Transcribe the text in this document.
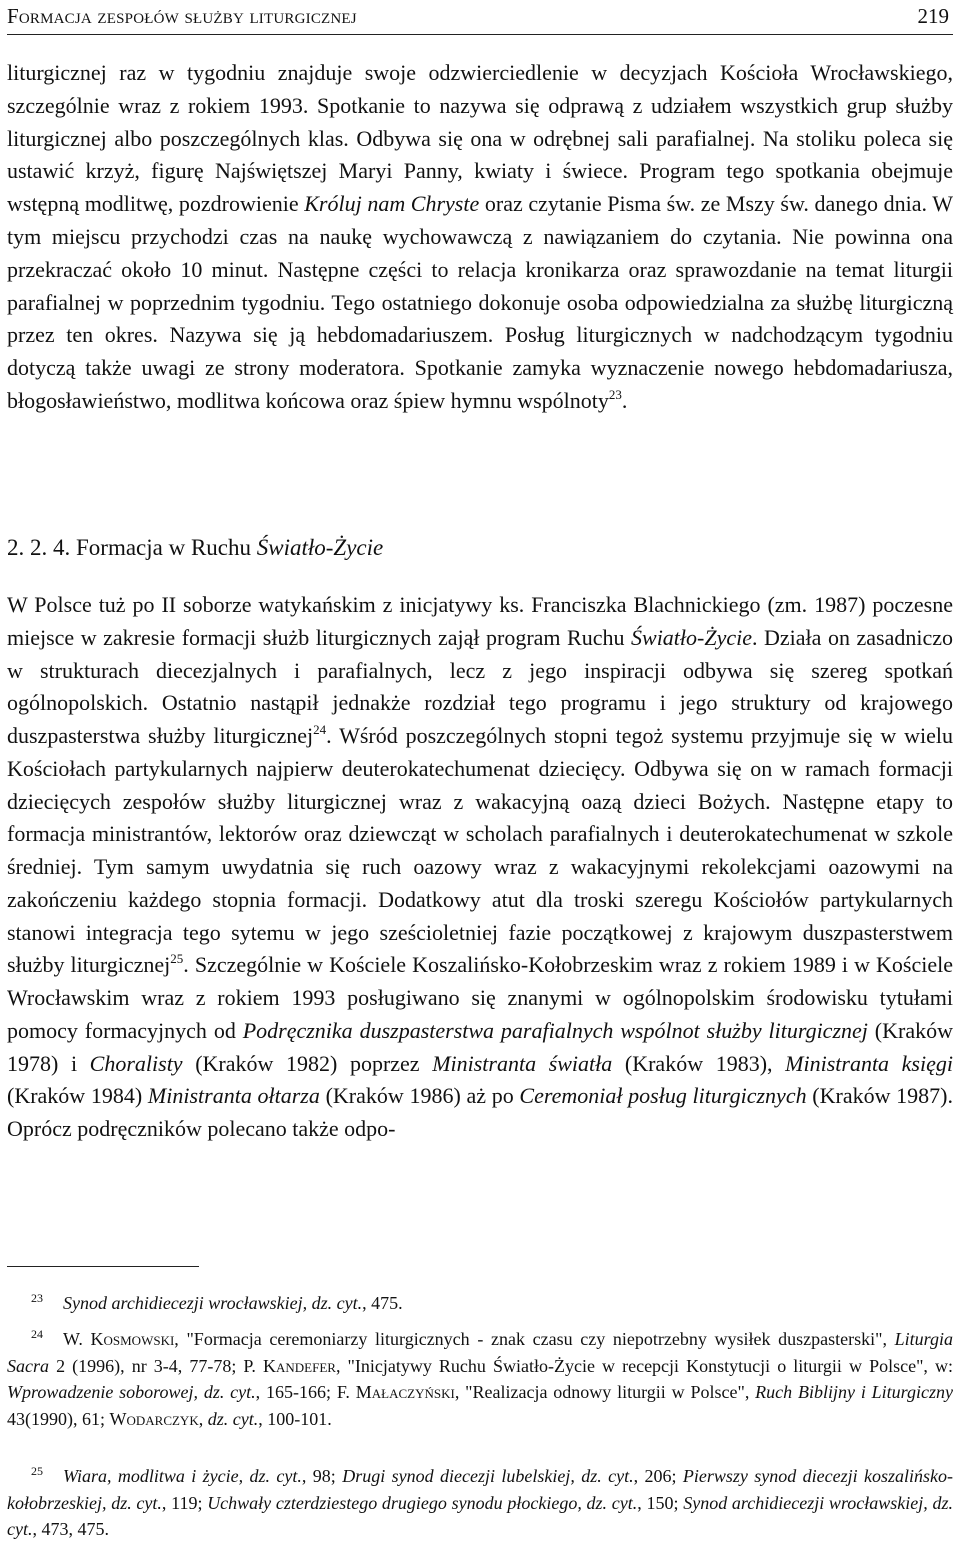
Formacja zespołów służby liturgicznej	219

liturgicznej raz w tygodniu znajduje swoje odzwierciedlenie w decyzjach Kościoła Wrocławskiego, szczególnie wraz z rokiem 1993. Spotkanie to nazywa się odprawą z udziałem wszystkich grup służby liturgicznej albo poszczególnych klas. Odbywa się ona w odrębnej sali parafialnej. Na stoliku poleca się ustawić krzyż, figurę Najświętszej Maryi Panny, kwiaty i świece. Program tego spotkania obejmuje wstępną modlitwę, pozdrowienie Króluj nam Chryste oraz czytanie Pisma św. ze Mszy św. danego dnia. W tym miejscu przychodzi czas na naukę wychowawczą z nawiązaniem do czytania. Nie powinna ona przekraczać około 10 minut. Następne części to relacja kronikarza oraz sprawozdanie na temat liturgii parafialnej w poprzednim tygodniu. Tego ostatniego dokonuje osoba odpowiedzialna za służbę liturgiczną przez ten okres. Nazywa się ją hebdomadariuszem. Posług liturgicznych w nadchodzącym tygodniu dotyczą także uwagi ze strony moderatora. Spotkanie zamyka wyznaczenie nowego hebdomadariusza, błogosławieństwo, modlitwa końcowa oraz śpiew hymnu wspólnoty$^{23}$.

2. 2. 4. Formacja w Ruchu Światło-Życie

W Polsce tuż po II soborze watykańskim z inicjatywy ks. Franciszka Blachnickiego (zm. 1987) poczesne miejsce w zakresie formacji służb liturgicznych zajął program Ruchu Światło-Życie. Działa on zasadniczo w strukturach diecezjalnych i parafialnych, lecz z jego inspiracji odbywa się szereg spotkań ogólnopolskich. Ostatnio nastąpił jednakże rozdział tego programu i jego struktury od krajowego duszpasterstwa służby liturgicznej$^{24}$. Wśród poszczególnych stopni tegoż systemu przyjmuje się w wielu Kościołach partykularnych najpierw deuterokatechumenat dziecięcy. Odbywa się on w ramach formacji dziecięcych zespołów służby liturgicznej wraz z wakacyjną oazą dzieci Bożych. Następne etapy to formacja ministrantów, lektorów oraz dziewcząt w scholach parafialnych i deuterokatechumenat w szkole średniej. Tym samym uwydatnia się ruch oazowy wraz z wakacyjnymi rekolekcjami oazowymi na zakończeniu każdego stopnia formacji. Dodatkowy atut dla troski szeregu Kościołów partykularnych stanowi integracja tego sytemu w jego sześcioletniej fazie początkowej z krajowym duszpasterstwem służby liturgicznej$^{25}$. Szczególnie w Kościele Koszalińsko-Kołobrzeskim wraz z rokiem 1989 i w Kościele Wrocławskim wraz z rokiem 1993 posługiwano się znanymi w ogólnopolskim środowisku tytułami pomocy formacyjnych od Podręcznika duszpasterstwa parafialnych wspólnot służby liturgicznej (Kraków 1978) i Choralisty (Kraków 1982) poprzez Ministranta światła (Kraków 1983), Ministranta księgi (Kraków 1984) Ministranta ołtarza (Kraków 1986) aż po Ceremoniał posług liturgicznych (Kraków 1987). Oprócz podręczników polecano także odpo-

$^{23}$ Synod archidiecezji wrocławskiej, dz. cyt., 475.

$^{24}$ W. Kosmowski, "Formacja ceremoniarzy liturgicznych - znak czasu czy niepotrzebny wysiłek duszpasterski", Liturgia Sacra 2 (1996), nr 3-4, 77-78; P. Kandefer, "Inicjatywy Ruchu Światło-Życie w recepcji Konstytucji o liturgii w Polsce", w: Wprowadzenie soborowej, dz. cyt., 165-166; F. Małaczyński, "Realizacja odnowy liturgii w Polsce", Ruch Biblijny i Liturgiczny 43(1990), 61; Wodarczyk, dz. cyt., 100-101.

$^{25}$ Wiara, modlitwa i życie, dz. cyt., 98; Drugi synod diecezji lubelskiej, dz. cyt., 206; Pierwszy synod diecezji koszalińsko-kołobrzeskiej, dz. cyt., 119; Uchwały czterdziestego drugiego synodu płockiego, dz. cyt., 150; Synod archidiecezji wrocławskiej, dz. cyt., 473, 475.
